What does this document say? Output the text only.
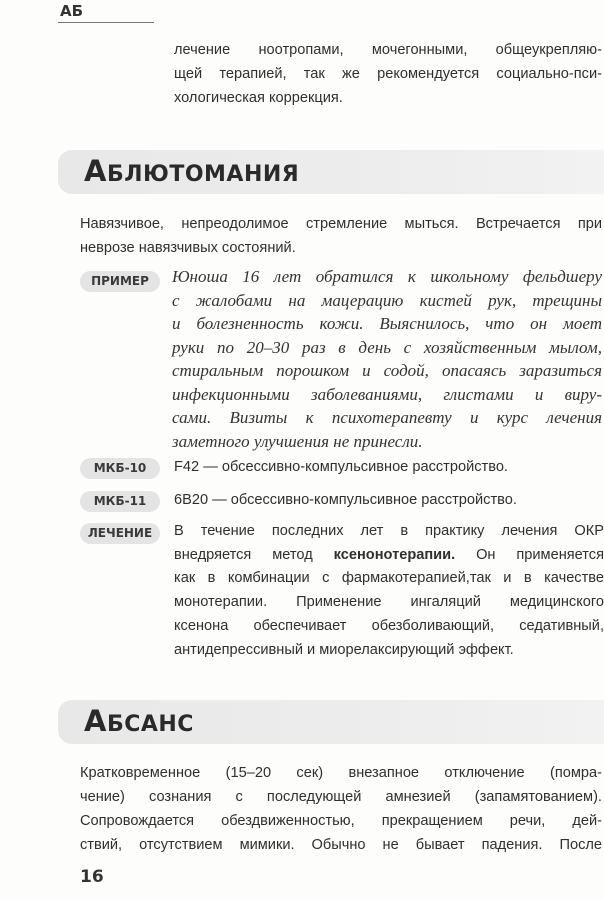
АБ
лечение ноотропами, мочегонными, общеукрепляю-
щей терапией, так же рекомендуется социально-пси-
хологическая коррекция.
АБЛЮТОМАНИЯ
Навязчивое, непреодолимое стремление мыться. Встречается при
неврозе навязчивых состояний.
ПРИМЕР	Юноша 16 лет обратился к школьному фельдшеру
с жалобами на мацерацию кистей рук, трещины
и болезненность кожи. Выяснилось, что он моет
руки по 20–30 раз в день с хозяйственным мылом,
стиральным порошком и содой, опасаясь заразиться
инфекционными заболеваниями, глистами и виру-
сами. Визиты к психотерапевту и курс лечения
заметного улучшения не принесли.
МКБ-10	F42 — обсессивно-компульсивное расстройство.
МКБ-11	6B20 — обсессивно-компульсивное расстройство.
ЛЕЧЕНИЕ	В течение последних лет в практику лечения ОКР
внедряется метод ксенонотерапии. Он применяется
как в комбинации с фармакотерапией,так и в качестве
монотерапии. Применение ингаляций медицинского
ксенона обеспечивает обезболивающий, седативный,
антидепрессивный и миорелаксирующий эффект.
АБСАНС
Кратковременное (15–20 сек) внезапное отключение (помра-
чение) сознания с последующей амнезией (запамятованием).
Сопровождается обездвиженностью, прекращением речи, дей-
ствий, отсутствием мимики. Обычно не бывает падения. После
16
